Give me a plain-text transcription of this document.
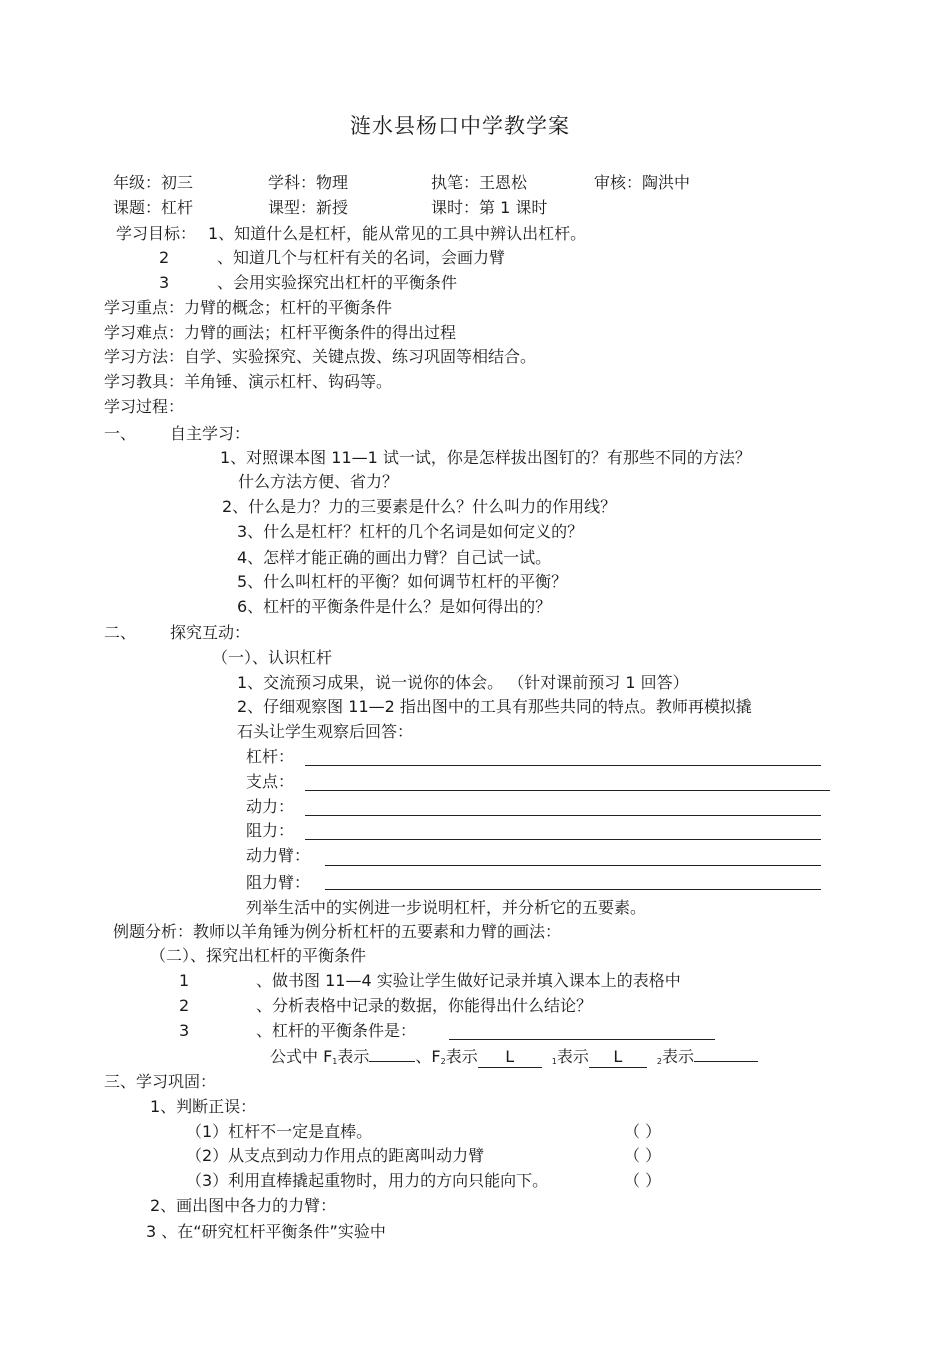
涟水县杨口中学教学案
年级：初三	学科：物理	执笔：王恩松	审核：陶洪中
课题：杠杆	课型：新授	课时：第 1 课时
学习目标： 1、知道什么是杠杆，能从常见的工具中辨认出杠杆。
2	、知道几个与杠杆有关的名词，会画力臂
3	、会用实验探究出杠杆的平衡条件
学习重点：力臂的概念；杠杆的平衡条件
学习难点：力臂的画法；杠杆平衡条件的得出过程
学习方法：自学、实验探究、关键点拨、练习巩固等相结合。
学习教具：羊角锤、演示杠杆、钩码等。
学习过程：
一、 自主学习：
1、对照课本图 11—1 试一试，你是怎样拔出图钉的？有那些不同的方法？
什么方法方便、省力？
2、什么是力？力的三要素是什么？什么叫力的作用线？
3、什么是杠杆？杠杆的几个名词是如何定义的？
4、怎样才能正确的画出力臂？自己试一试。
5、什么叫杠杆的平衡？如何调节杠杆的平衡？
6、杠杆的平衡条件是什么？是如何得出的？
二、 探究互动：
（一）、认识杠杆
1、交流预习成果，说一说你的体会。 （针对课前预习 1 回答）
2、仔细观察图 11—2 指出图中的工具有那些共同的特点。教师再模拟撬
石头让学生观察后回答：
杠杆：
支点：
动力：
阻力：
动力臂：
阻力臂：
列举生活中的实例进一步说明杠杆，并分析它的五要素。
例题分析：教师以羊角锤为例分析杠杆的五要素和力臂的画法：
（二）、探究出杠杆的平衡条件
1	、做书图 11—4 实验让学生做好记录并填入课本上的表格中
2	、分析表格中记录的数据，你能得出什么结论？
3	、杠杆的平衡条件是：
公式中 $F_1$表示	、$F_2$表示 L	$_1$表示 L	$_2$表示
三、学习巩固：
1、判断正误：
（1）杠杆不一定是直棒。	（ ）
（2）从支点到动力作用点的距离叫动力臂	（ ）
（3）利用直棒撬起重物时，用力的方向只能向下。	（ ）
2、画出图中各力的力臂：
3 、在“研究杠杆平衡条件”实验中
